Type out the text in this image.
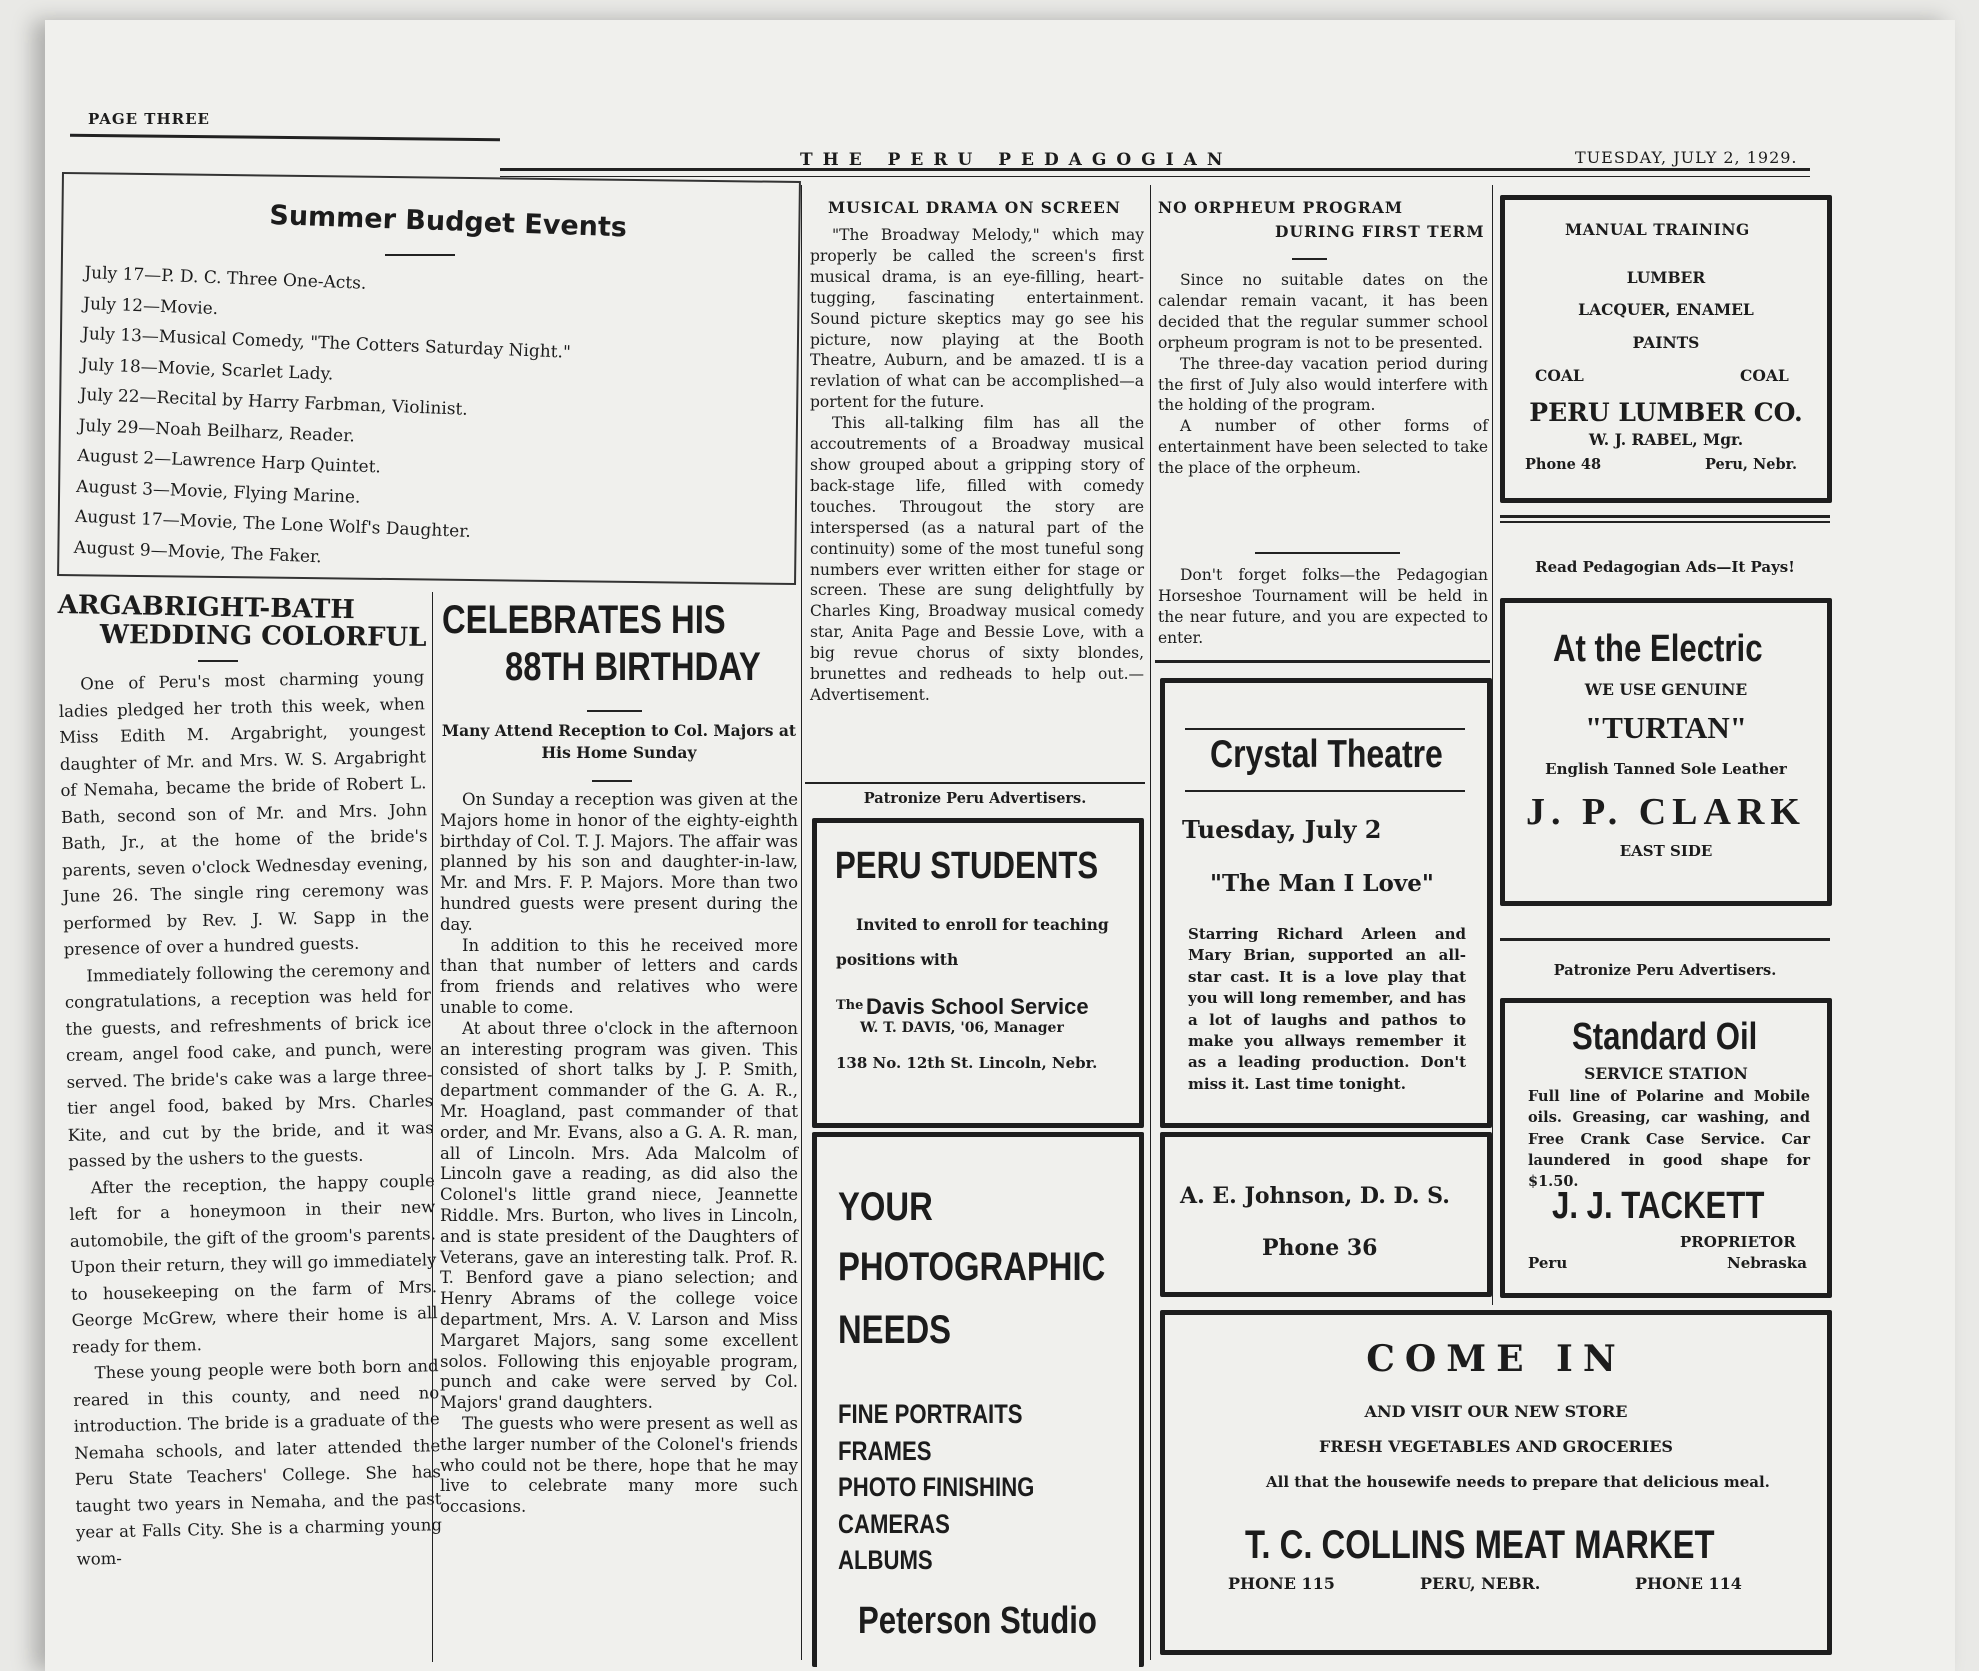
PAGE THREE
THE PERU PEDAGOGIAN	TUESDAY, JULY 2, 1929.
Summer Budget Events
July 17—P. D. C. Three One-Acts.
July 12—Movie.
July 13—Musical Comedy, "The Cotters Saturday Night."
July 18—Movie, Scarlet Lady.
July 22—Recital by Harry Farbman, Violinist.
July 29—Noah Beilharz, Reader.
August 2—Lawrence Harp Quintet.
August 3—Movie, Flying Marine.
August 17—Movie, The Lone Wolf's Daughter.
August 9—Movie, The Faker.
ARGABRIGHT-BATH
WEDDING COLORFUL

One of Peru's most charming young ladies pledged her troth this week, when Miss Edith M. Argabright, youngest daughter of Mr. and Mrs. W. S. Argabright of Nemaha, became the bride of Robert L. Bath, second son of Mr. and Mrs. John Bath, Jr., at the home of the bride's parents, seven o'clock Wednesday evening, June 26. The single ring ceremony was performed by Rev. J. W. Sapp in the presence of over a hundred guests.

Immediately following the ceremony and congratulations, a reception was held for the guests, and refreshments of brick ice cream, angel food cake, and punch, were served. The bride's cake was a large three-tier angel food, baked by Mrs. Charles Kite, and cut by the bride, and it was passed by the ushers to the guests.

After the reception, the happy couple left for a honeymoon in their new automobile, the gift of the groom's parents. Upon their return, they will go immediately to housekeeping on the farm of Mrs. George McGrew, where their home is all ready for them.

These young people were both born and reared in this county, and need no introduction. The bride is a graduate of the Nemaha schools, and later attended the Peru State Teachers' College. She has taught two years in Nemaha, and the past year at Falls City. She is a charming young wom-

CELEBRATES HIS
88TH BIRTHDAY
Many Attend Reception to Col. Majors at His Home Sunday

On Sunday a reception was given at the Majors home in honor of the eighty-eighth birthday of Col. T. J. Majors. The affair was planned by his son and daughter-in-law, Mr. and Mrs. F. P. Majors. More than two hundred guests were present during the day.

In addition to this he received more than that number of letters and cards from friends and relatives who were unable to come.

At about three o'clock in the afternoon an interesting program was given. This consisted of short talks by J. P. Smith, department commander of the G. A. R., Mr. Hoagland, past commander of that order, and Mr. Evans, also a G. A. R. man, all of Lincoln. Mrs. Ada Malcolm of Lincoln gave a reading, as did also the Colonel's little grand niece, Jeannette Riddle. Mrs. Burton, who lives in Lincoln, and is state president of the Daughters of Veterans, gave an interesting talk. Prof. R. T. Benford gave a piano selection; and Henry Abrams of the college voice department, Mrs. A. V. Larson and Miss Margaret Majors, sang some excellent solos. Following this enjoyable program, punch and cake were served by Col. Majors' grand daughters.

The guests who were present as well as the larger number of the Colonel's friends who could not be there, hope that he may live to celebrate many more such occasions.

MUSICAL DRAMA ON SCREEN

"The Broadway Melody," which may properly be called the screen's first musical drama, is an eye-filling, heart-tugging, fascinating entertainment. Sound picture skeptics may go see his picture, now playing at the Booth Theatre, Auburn, and be amazed. tI is a revlation of what can be accomplished—a portent for the future.

This all-talking film has all the accoutrements of a Broadway musical show grouped about a gripping story of back-stage life, filled with comedy touches. Througout the story are interspersed (as a natural part of the continuity) some of the most tuneful song numbers ever written either for stage or screen. These are sung delightfully by Charles King, Broadway musical comedy star, Anita Page and Bessie Love, with a big revue chorus of sixty blondes, brunettes and redheads to help out.—Advertisement.

Patronize Peru Advertisers.
PERU STUDENTS
Invited to enroll for teaching
positions with
The Davis School Service
W. T. DAVIS, '06, Manager
138 No. 12th St. Lincoln, Nebr.
YOUR
PHOTOGRAPHIC
NEEDS
FINE PORTRAITS
FRAMES
PHOTO FINISHING
CAMERAS
ALBUMS
Peterson Studio
NO ORPHEUM PROGRAM
DURING FIRST TERM

Since no suitable dates on the calendar remain vacant, it has been decided that the regular summer school orpheum program is not to be presented.

The three-day vacation period during the first of July also would interfere with the holding of the program.

A number of other forms of entertainment have been selected to take the place of the orpheum.

Don't forget folks—the Pedagogian Horseshoe Tournament will be held in the near future, and you are expected to enter.

Crystal Theatre
Tuesday, July 2
"The Man I Love"
Starring Richard Arleen and Mary Brian, supported an all-star cast. It is a love play that you will long remember, and has a lot of laughs and pathos to make you allways remember it as a leading production. Don't miss it. Last time tonight.
A. E. Johnson, D. D. S.
Phone 36
MANUAL TRAINING
LUMBER
LACQUER, ENAMEL
PAINTS
COAL	COAL
PERU LUMBER CO.
W. J. RABEL, Mgr.
Phone 48	Peru, Nebr.
Read Pedagogian Ads—It Pays!
At the Electric
WE USE GENUINE
"TURTAN"
English Tanned Sole Leather
J. P. CLARK
EAST SIDE
Patronize Peru Advertisers.
Standard Oil
SERVICE STATION
Full line of Polarine and Mobile oils. Greasing, car washing, and Free Crank Case Service. Car laundered in good shape for $1.50.
J. J. TACKETT
PROPRIETOR
Peru	Nebraska
COME IN
AND VISIT OUR NEW STORE
FRESH VEGETABLES AND GROCERIES
All that the housewife needs to prepare that delicious meal.
T. C. COLLINS MEAT MARKET
PHONE 115	PERU, NEBR.	PHONE 114
